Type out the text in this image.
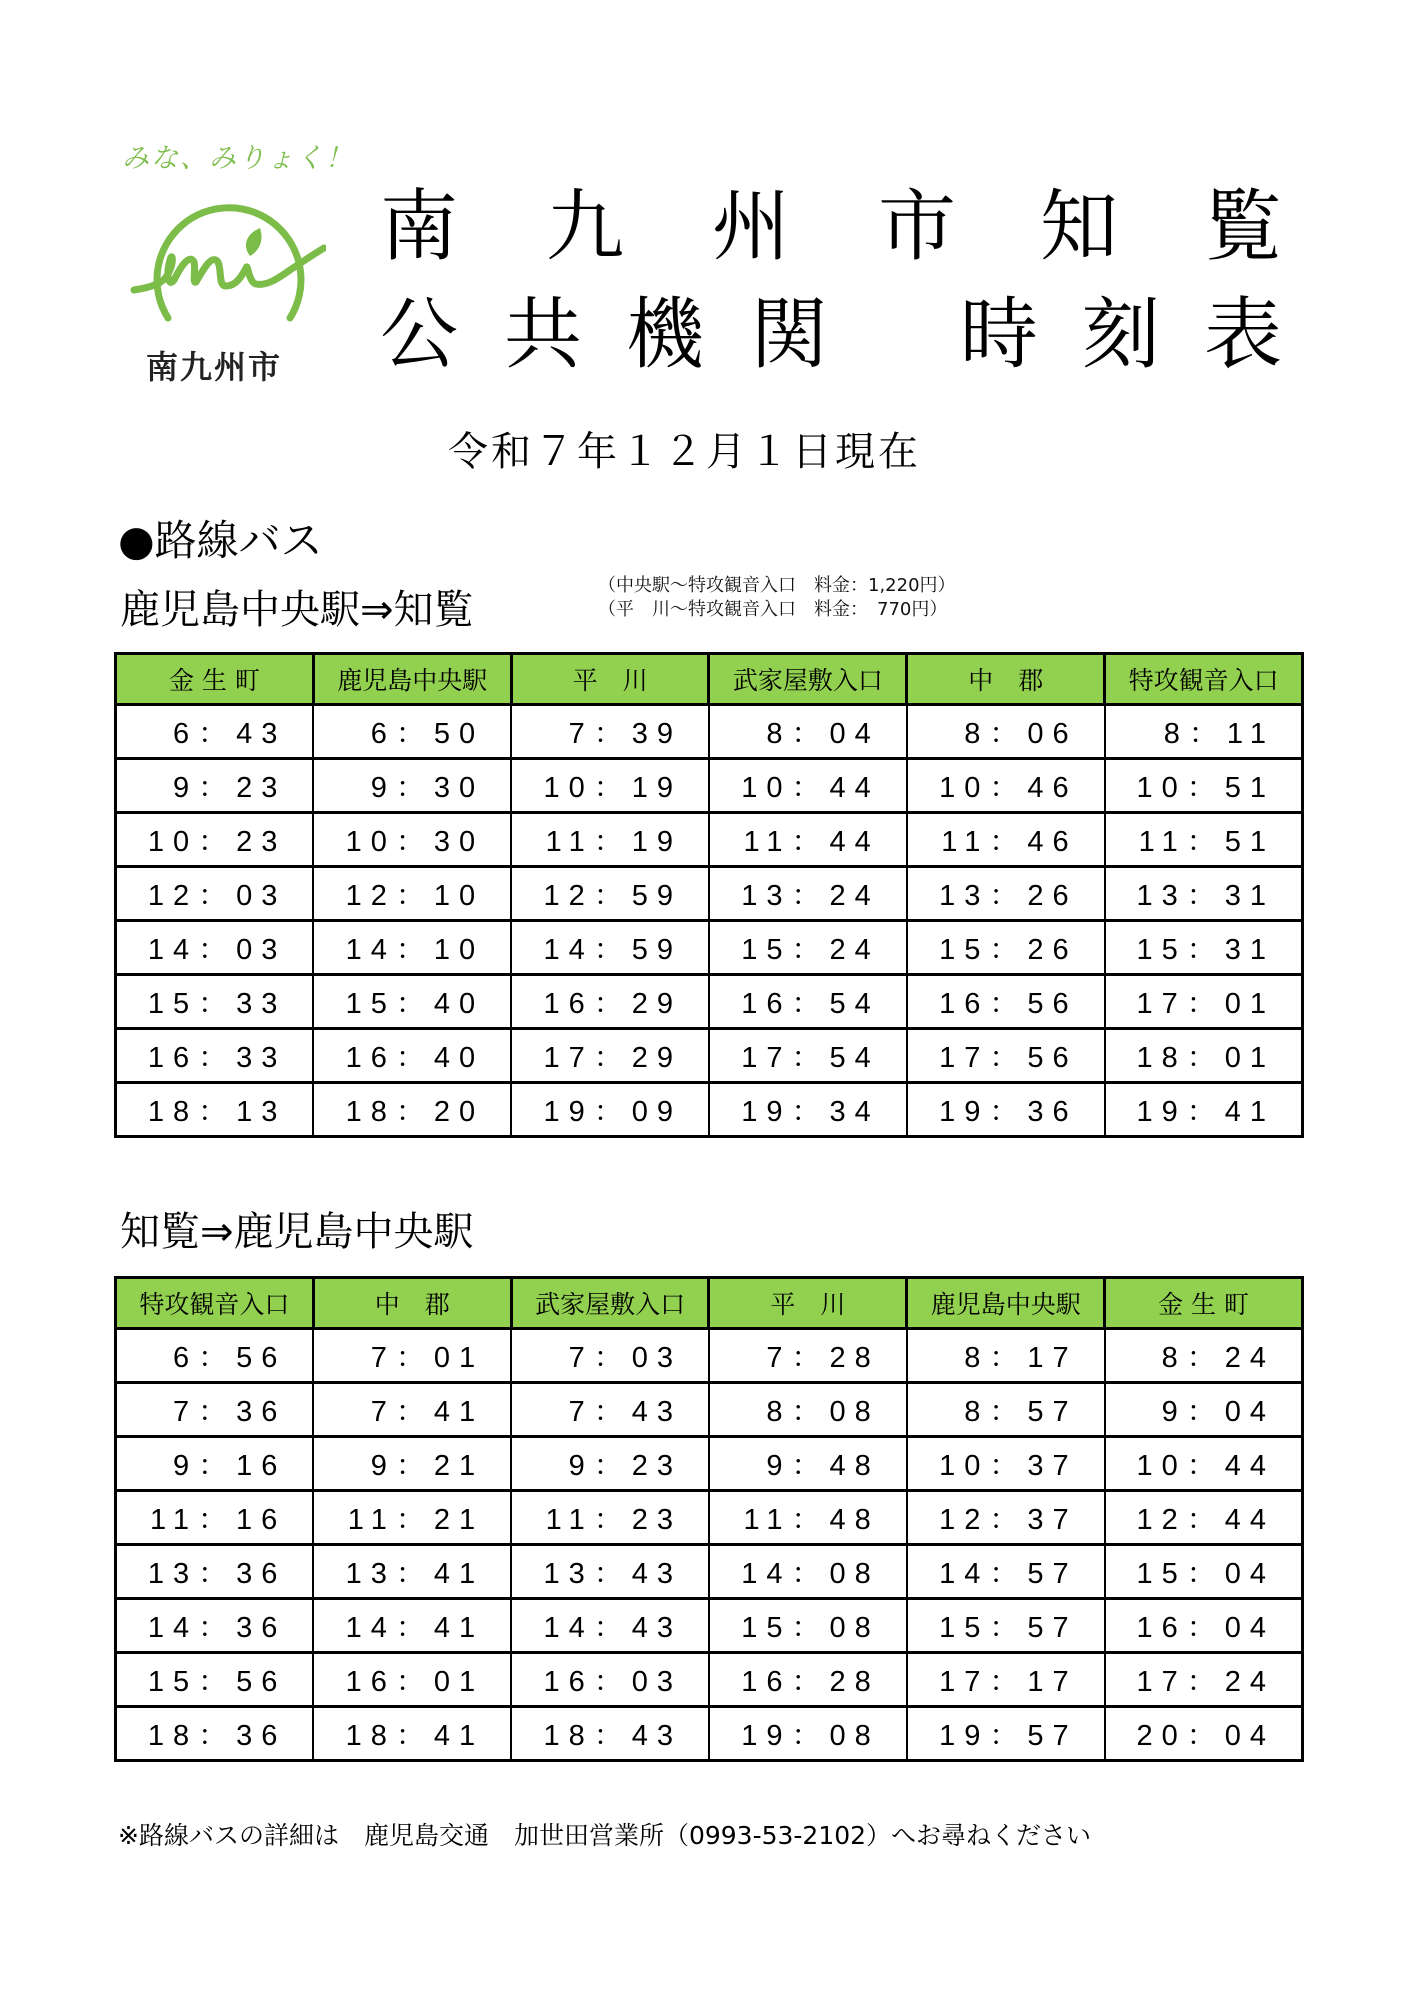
みな、みりょく！
南九州市
南 九 州 市 知 覧
公 共 機 関 時 刻 表
令和７年１２月１日現在
●路線バス
鹿児島中央駅⇒知覧
（中央駅～特攻観音入口　料金：1,220円）
（平　川～特攻観音入口　料金：　770円）
金 生 町	鹿児島中央駅	平　川	武家屋敷入口	中　郡	特攻観音入口
6：43	6：50	7：39	8：04	8：06	8：11
9：23	9：30	10：19	10：44	10：46	10：51
10：23	10：30	11：19	11：44	11：46	11：51
12：03	12：10	12：59	13：24	13：26	13：31
14：03	14：10	14：59	15：24	15：26	15：31
15：33	15：40	16：29	16：54	16：56	17：01
16：33	16：40	17：29	17：54	17：56	18：01
18：13	18：20	19：09	19：34	19：36	19：41
知覧⇒鹿児島中央駅
特攻観音入口	中　郡	武家屋敷入口	平　川	鹿児島中央駅	金 生 町
6：56	7：01	7：03	7：28	8：17	8：24
7：36	7：41	7：43	8：08	8：57	9：04
9：16	9：21	9：23	9：48	10：37	10：44
11：16	11：21	11：23	11：48	12：37	12：44
13：36	13：41	13：43	14：08	14：57	15：04
14：36	14：41	14：43	15：08	15：57	16：04
15：56	16：01	16：03	16：28	17：17	17：24
18：36	18：41	18：43	19：08	19：57	20：04
※路線バスの詳細は　鹿児島交通　加世田営業所（0993-53-2102）へお尋ねください
